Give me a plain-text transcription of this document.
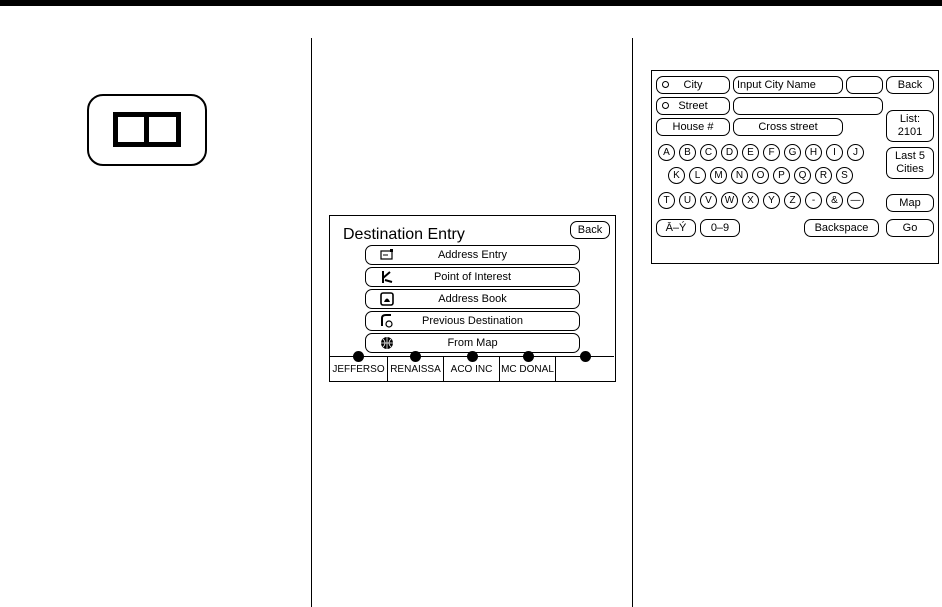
Destination Entry	Back
Address Entry
Point of Interest
Address Book
Previous Destination
From Map
JEFFERSO RENAISSA ACO INC MC DONAL
City	Input City Name	Back
Street
House #	Cross street
List:
2101
Last 5
Cities
A	B	C	D	E	F	G	H	I	J
K	L	M	N	O	P	Q	R	S
T	U	V	W	X	Y	Z	-	&	—	Map
Ā–Ý	0–9	Backspace	Go
